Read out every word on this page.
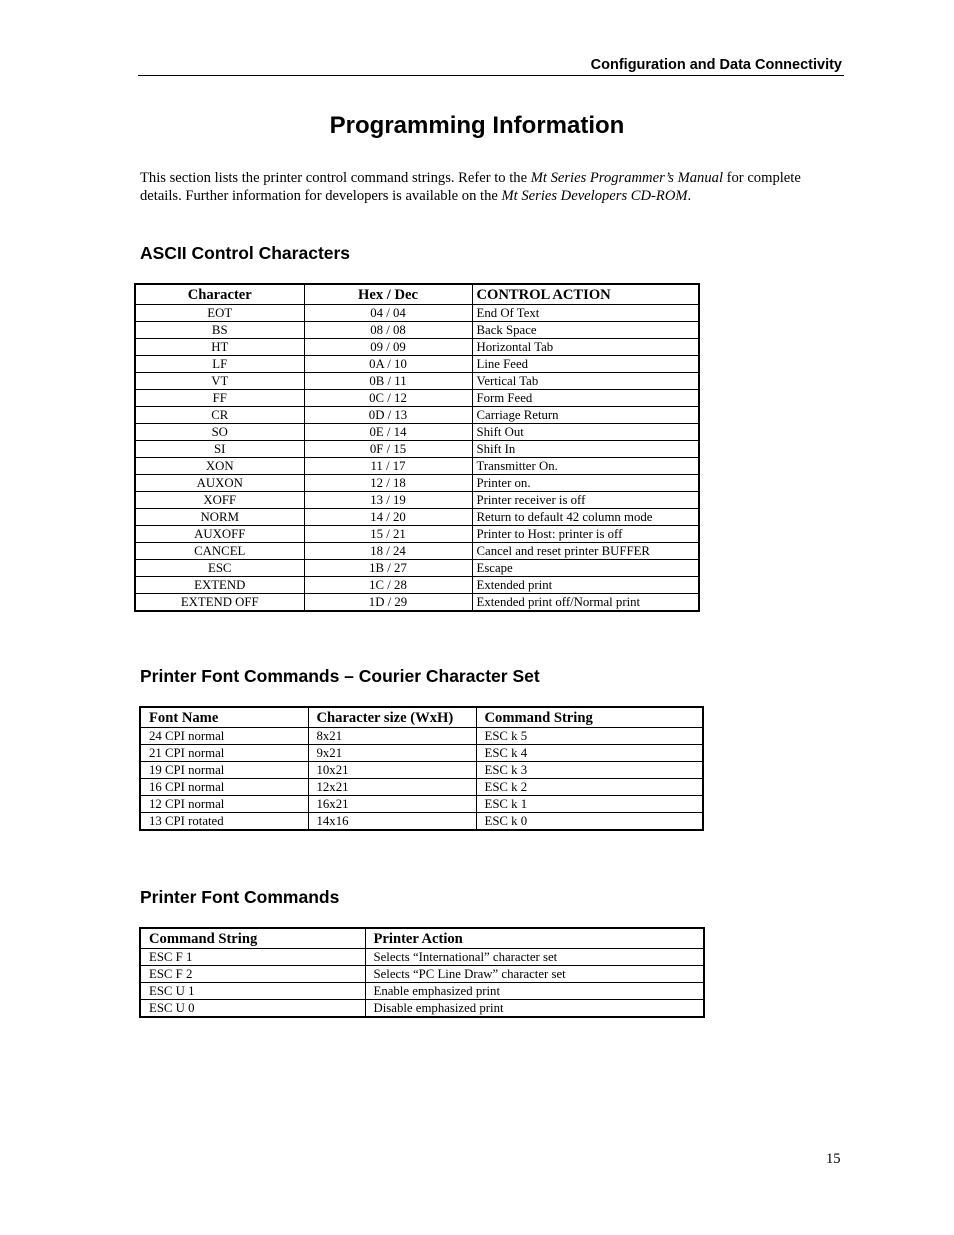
Configuration and Data Connectivity
Programming Information

This section lists the printer control command strings. Refer to the Mt Series Programmer’s Manual for complete details. Further information for developers is available on the Mt Series Developers CD-ROM.

ASCII Control Characters
Character	Hex / Dec	CONTROL ACTION
EOT	04 / 04	End Of Text
BS	08 / 08	Back Space
HT	09 / 09	Horizontal Tab
LF	0A / 10	Line Feed
VT	0B / 11	Vertical Tab
FF	0C / 12	Form Feed
CR	0D / 13	Carriage Return
SO	0E / 14	Shift Out
SI	0F / 15	Shift In
XON	11 / 17	Transmitter On.
AUXON	12 / 18	Printer on.
XOFF	13 / 19	Printer receiver is off
NORM	14 / 20	Return to default 42 column mode
AUXOFF	15 / 21	Printer to Host: printer is off
CANCEL	18 / 24	Cancel and reset printer BUFFER
ESC	1B / 27	Escape
EXTEND	1C / 28	Extended print
EXTEND OFF	1D / 29	Extended print off/Normal print
Printer Font Commands – Courier Character Set
Font Name	Character size (WxH)	Command String
24 CPI normal	8x21	ESC k 5
21 CPI normal	9x21	ESC k 4
19 CPI normal	10x21	ESC k 3
16 CPI normal	12x21	ESC k 2
12 CPI normal	16x21	ESC k 1
13 CPI rotated	14x16	ESC k 0
Printer Font Commands
Command String	Printer Action
ESC F 1	Selects “International” character set
ESC F 2	Selects “PC Line Draw” character set
ESC U 1	Enable emphasized print
ESC U 0	Disable emphasized print
15
